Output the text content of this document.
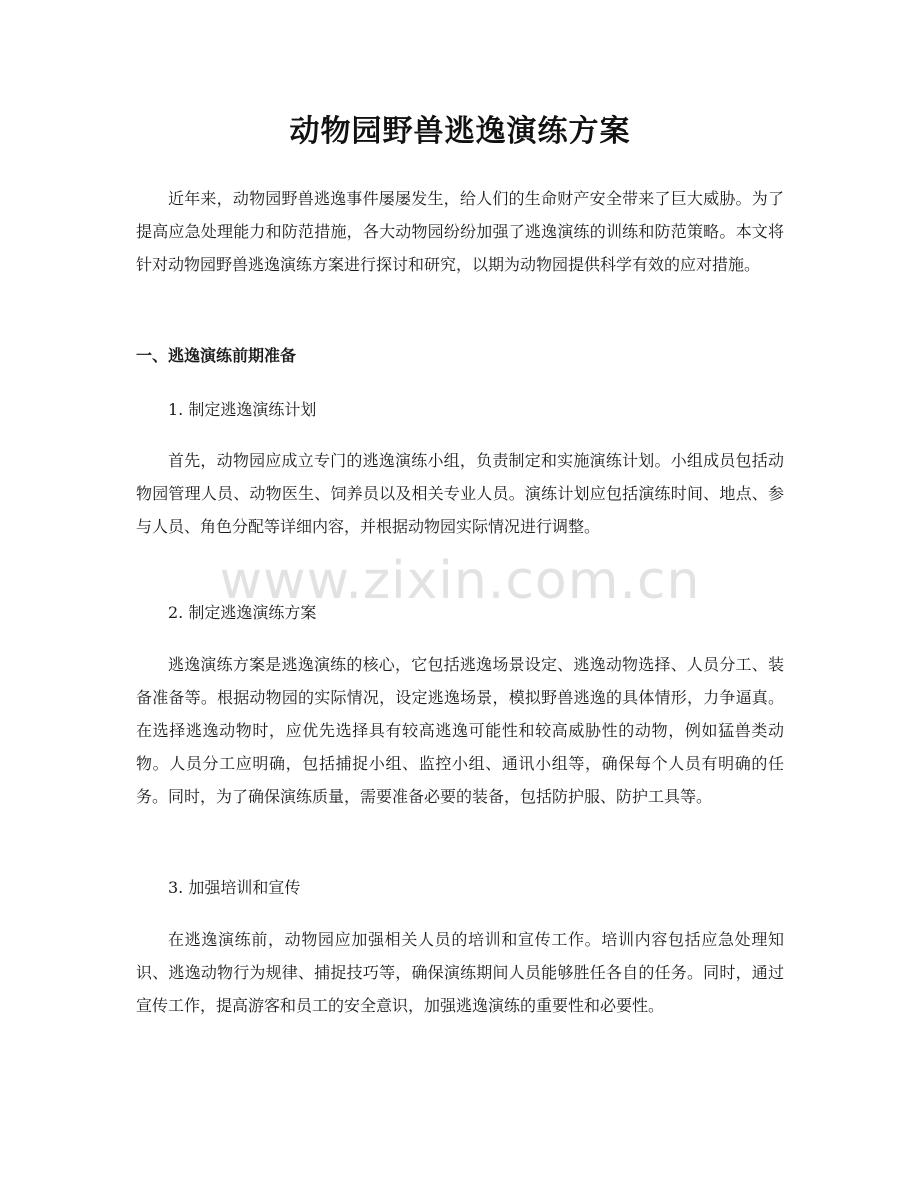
动物园野兽逃逸演练方案

近年来，动物园野兽逃逸事件屡屡发生，给人们的生命财产安全带来了巨大威胁。为了提高应急处理能力和防范措施，各大动物园纷纷加强了逃逸演练的训练和防范策略。本文将针对动物园野兽逃逸演练方案进行探讨和研究，以期为动物园提供科学有效的应对措施。

一、逃逸演练前期准备

1. 制定逃逸演练计划

首先，动物园应成立专门的逃逸演练小组，负责制定和实施演练计划。小组成员包括动物园管理人员、动物医生、饲养员以及相关专业人员。演练计划应包括演练时间、地点、参与人员、角色分配等详细内容，并根据动物园实际情况进行调整。

2. 制定逃逸演练方案

逃逸演练方案是逃逸演练的核心，它包括逃逸场景设定、逃逸动物选择、人员分工、装备准备等。根据动物园的实际情况，设定逃逸场景，模拟野兽逃逸的具体情形，力争逼真。在选择逃逸动物时，应优先选择具有较高逃逸可能性和较高威胁性的动物，例如猛兽类动物。人员分工应明确，包括捕捉小组、监控小组、通讯小组等，确保每个人员有明确的任务。同时，为了确保演练质量，需要准备必要的装备，包括防护服、防护工具等。

3. 加强培训和宣传

在逃逸演练前，动物园应加强相关人员的培训和宣传工作。培训内容包括应急处理知识、逃逸动物行为规律、捕捉技巧等，确保演练期间人员能够胜任各自的任务。同时，通过宣传工作，提高游客和员工的安全意识，加强逃逸演练的重要性和必要性。

www.zixin.com.cn
